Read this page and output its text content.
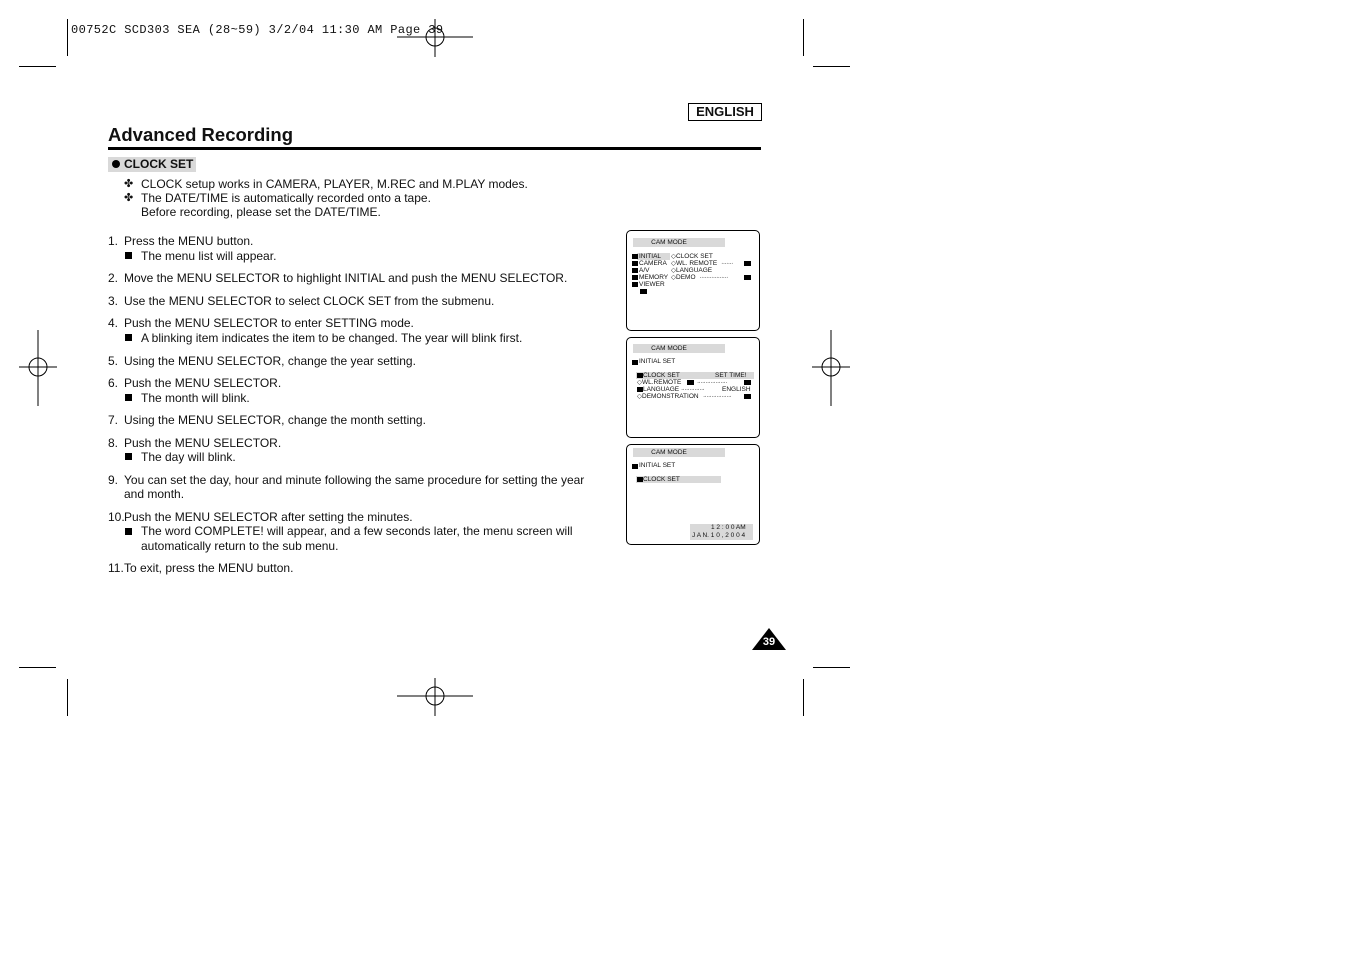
00752C SCD303 SEA (28~59) 3/2/04 11:30 AM Page 39
ENGLISH
Advanced Recording
CLOCK SET
✤ CLOCK setup works in CAMERA, PLAYER, M.REC and M.PLAY modes.
✤ The DATE/TIME is automatically recorded onto a tape.
Before recording, please set the DATE/TIME.
1. Press the MENU button.
The menu list will appear.
2. Move the MENU SELECTOR to highlight INITIAL and push the MENU SELECTOR.
3. Use the MENU SELECTOR to select CLOCK SET from the submenu.
4. Push the MENU SELECTOR to enter SETTING mode.
A blinking item indicates the item to be changed. The year will blink first.
5. Using the MENU SELECTOR, change the year setting.
6. Push the MENU SELECTOR.
The month will blink.
7. Using the MENU SELECTOR, change the month setting.
8. Push the MENU SELECTOR.
The day will blink.
9. You can set the day, hour and minute following the same procedure for setting the year
and month.
10. Push the MENU SELECTOR after setting the minutes.
The word COMPLETE! will appear, and a few seconds later, the menu screen will
automatically return to the sub menu.
11. To exit, press the MENU button.
CAM MODE
INITIAL
CAMERA
A/V
MEMORY
VIEWER
◇CLOCK SET
◇WL. REMOTE ·······
◇LANGUAGE
◇DEMO ·················
CAM MODE
INITIAL SET
CLOCK SET	SET TIME!
◇WL.REMOTE ··················
LANGUAGE ··············	ENGLISH
◇DEMONSTRATION ·················
CAM MODE
INITIAL SET
CLOCK SET
1 2 : 0 0 AM
J A N. 1 0 , 2 0 0 4
39
